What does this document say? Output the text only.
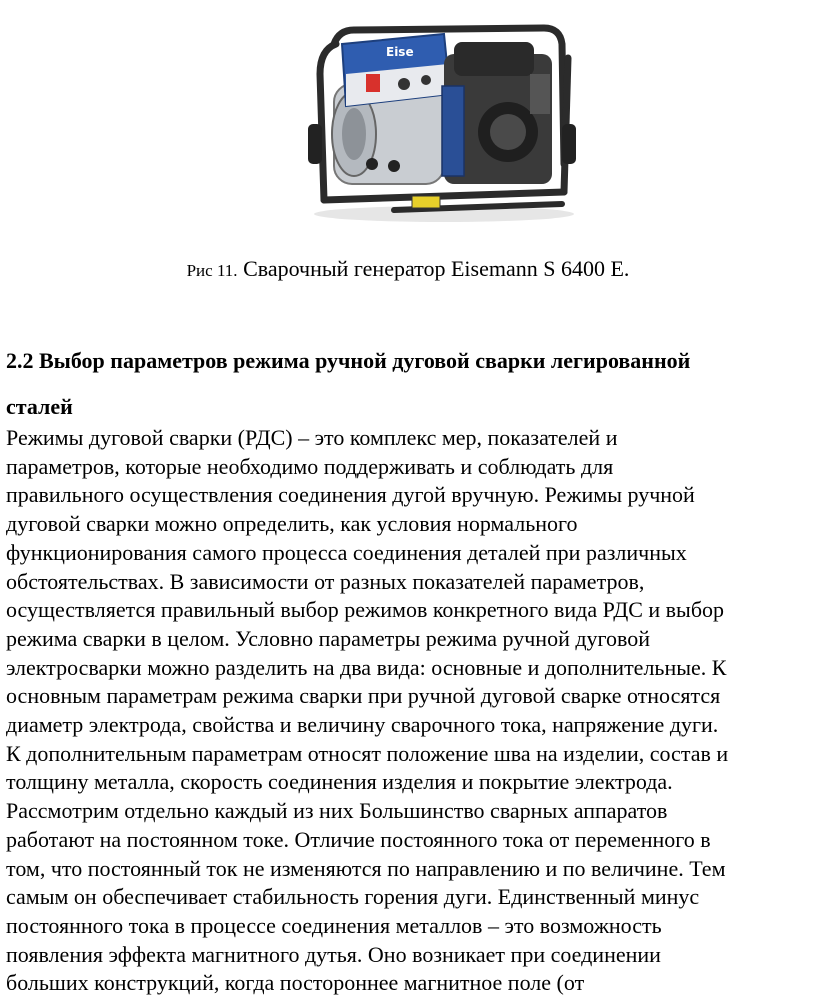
Eise
Рис 11. Сварочный генератор Eisemann S 6400 E.
2.2 Выбор параметров режима ручной дуговой сварки легированной
сталей
Режимы дуговой сварки (РДС) – это комплекс мер, показателей и
параметров, которые необходимо поддерживать и соблюдать для
правильного осуществления соединения дугой вручную. Режимы ручной
дуговой сварки можно определить, как условия нормального
функционирования самого процесса соединения деталей при различных
обстоятельствах. В зависимости от разных показателей параметров,
осуществляется правильный выбор режимов конкретного вида РДС и выбор
режима сварки в целом. Условно параметры режима ручной дуговой
электросварки можно разделить на два вида: основные и дополнительные. К
основным параметрам режима сварки при ручной дуговой сварке относятся
диаметр электрода, свойства и величину сварочного тока, напряжение дуги.
К дополнительным параметрам относят положение шва на изделии, состав и
толщину металла, скорость соединения изделия и покрытие электрода.
Рассмотрим отдельно каждый из них Большинство сварных аппаратов
работают на постоянном токе. Отличие постоянного тока от переменного в
том, что постоянный ток не изменяются по направлению и по величине. Тем
самым он обеспечивает стабильность горения дуги. Единственный минус
постоянного тока в процессе соединения металлов – это возможность
появления эффекта магнитного дутья. Оно возникает при соединении
больших конструкций, когда постороннее магнитное поле (от
